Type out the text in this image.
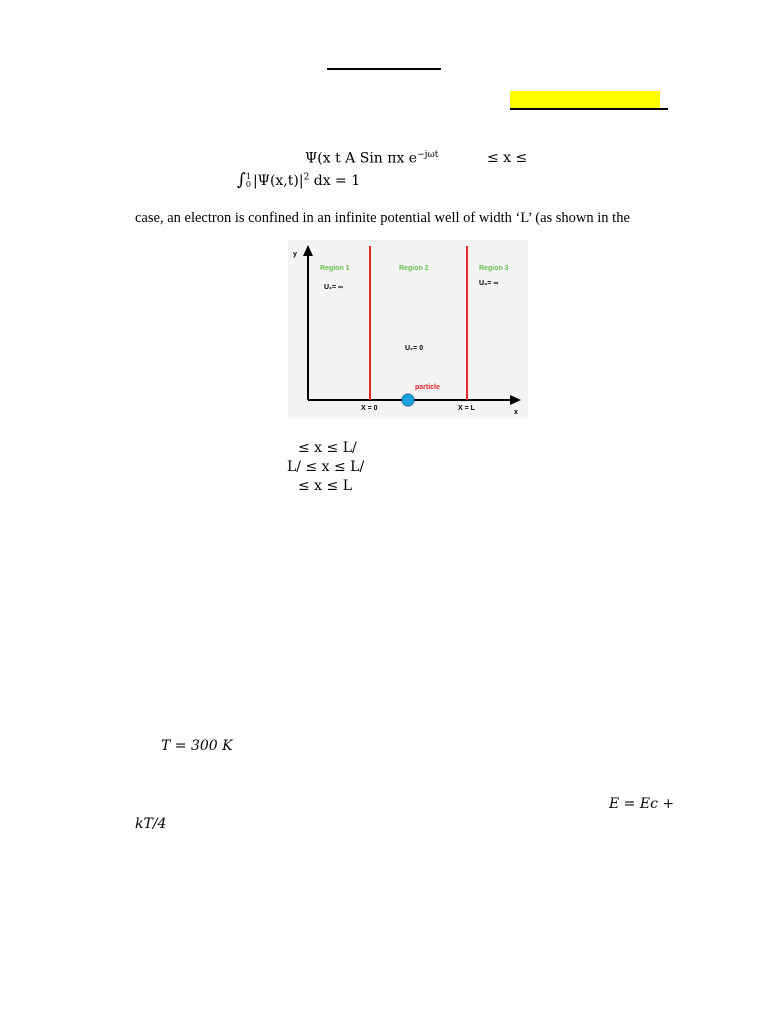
Ψ(x t A Sin πx $e^{-j\omega t}$	≤ x ≤
∫ 1
0 $|\Psi(x,t)|^2$ dx = 1
case, an electron is confined in an infinite potential well of width ‘L’ (as shown in the
y
x
Region 1	Region 2	Region 3
U₁= ∞
U₂= 0
U₃= ∞
particle
X = 0	X = L
≤ x ≤ L/
L/ ≤ x ≤ L/
≤ x ≤ L
T = 300 K
E = Ec +
kT/4
